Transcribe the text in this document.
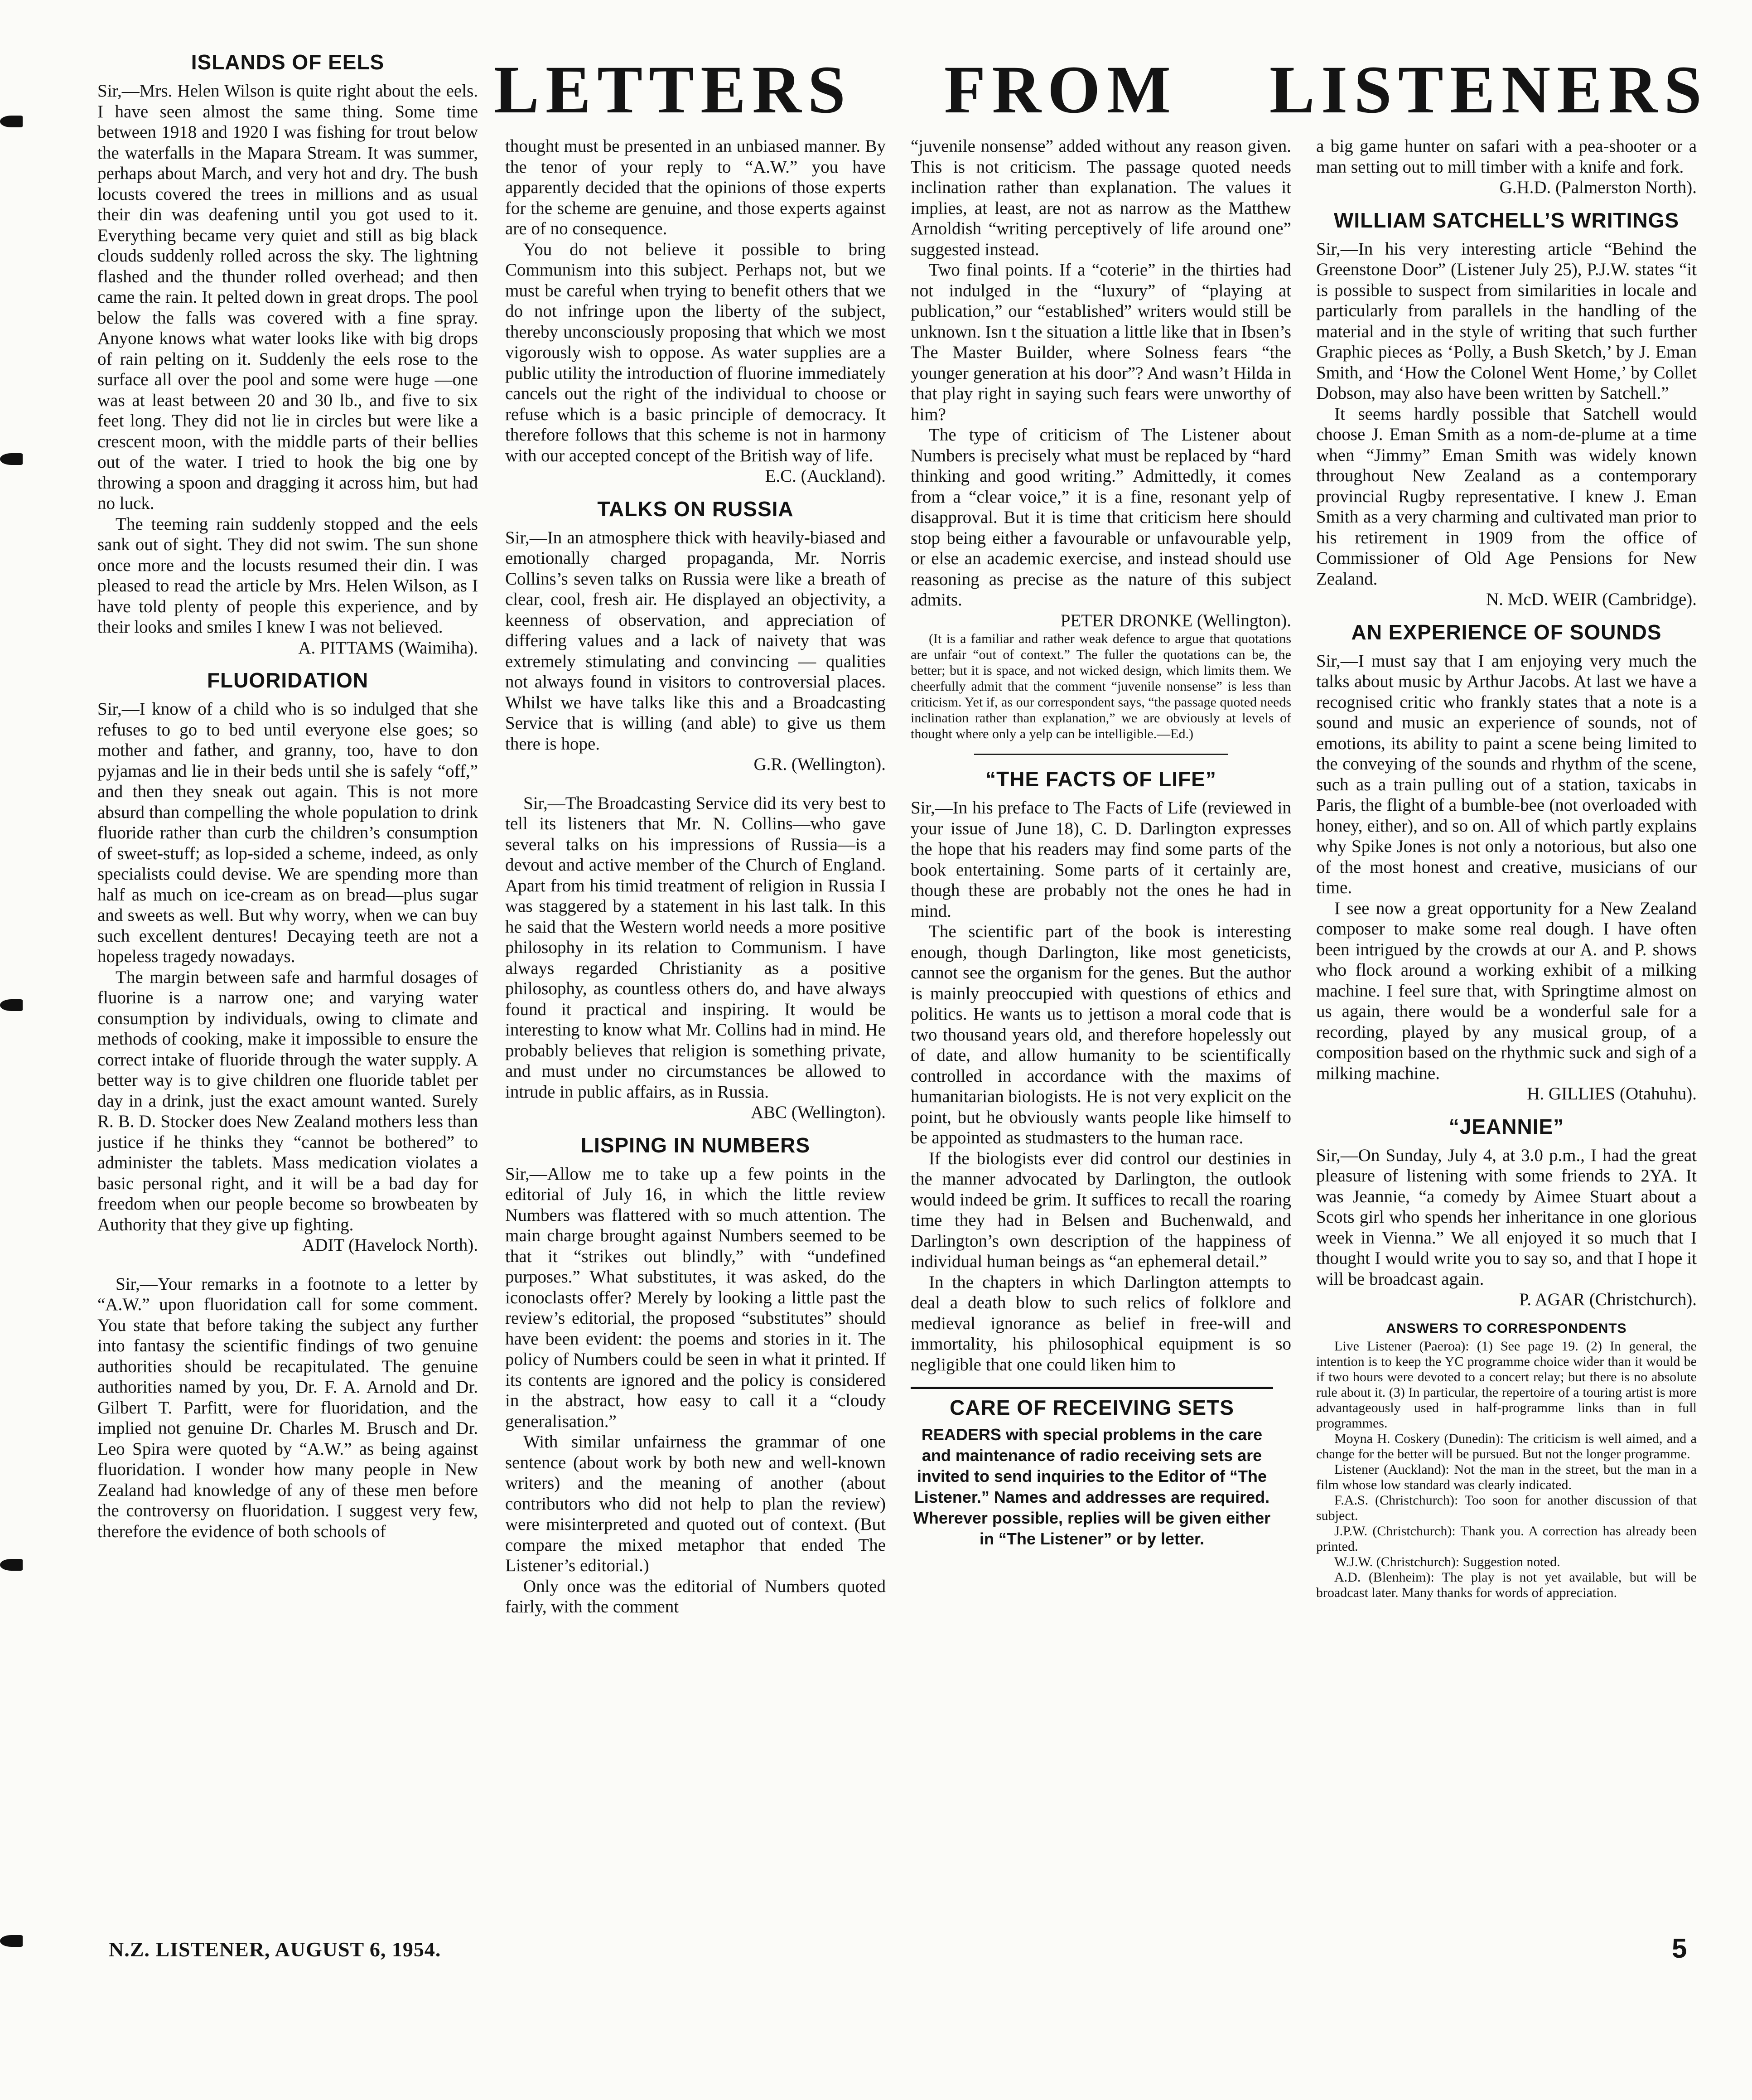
LETTERS FROM LISTENERS
ISLANDS OF EELS

Sir,—Mrs. Helen Wilson is quite right about the eels. I have seen almost the same thing. Some time between 1918 and 1920 I was fishing for trout below the waterfalls in the Mapara Stream. It was summer, perhaps about March, and very hot and dry. The bush locusts covered the trees in millions and as usual their din was deafening until you got used to it. Everything became very quiet and still as big black clouds suddenly rolled across the sky. The lightning flashed and the thunder rolled overhead; and then came the rain. It pelted down in great drops. The pool below the falls was covered with a fine spray. Anyone knows what water looks like with big drops of rain pelting on it. Suddenly the eels rose to the surface all over the pool and some were huge —one was at least between 20 and 30 lb., and five to six feet long. They did not lie in circles but were like a crescent moon, with the middle parts of their bellies out of the water. I tried to hook the big one by throwing a spoon and dragging it across him, but had no luck.

The teeming rain suddenly stopped and the eels sank out of sight. They did not swim. The sun shone once more and the locusts resumed their din. I was pleased to read the article by Mrs. Helen Wilson, as I have told plenty of people this experience, and by their looks and smiles I knew I was not believed.

A. PITTAMS (Waimiha).

FLUORIDATION

Sir,—I know of a child who is so indulged that she refuses to go to bed until everyone else goes; so mother and father, and granny, too, have to don pyjamas and lie in their beds until she is safely “off,” and then they sneak out again. This is not more absurd than compelling the whole population to drink fluoride rather than curb the children’s consumption of sweet-stuff; as lop-sided a scheme, indeed, as only specialists could devise. We are spending more than half as much on ice-cream as on bread—plus sugar and sweets as well. But why worry, when we can buy such excellent dentures! Decaying teeth are not a hopeless tragedy nowadays.

The margin between safe and harmful dosages of fluorine is a narrow one; and varying water consumption by individuals, owing to climate and methods of cooking, make it impossible to ensure the correct intake of fluoride through the water supply. A better way is to give children one fluoride tablet per day in a drink, just the exact amount wanted. Surely R. B. D. Stocker does New Zealand mothers less than justice if he thinks they “cannot be bothered” to administer the tablets. Mass medication violates a basic personal right, and it will be a bad day for freedom when our people become so browbeaten by Authority that they give up fighting.

ADIT (Havelock North).

Sir,—Your remarks in a footnote to a letter by “A.W.” upon fluoridation call for some comment. You state that before taking the subject any further into fantasy the scientific findings of two genuine authorities should be recapitulated. The genuine authorities named by you, Dr. F. A. Arnold and Dr. Gilbert T. Parfitt, were for fluoridation, and the implied not genuine Dr. Charles M. Brusch and Dr. Leo Spira were quoted by “A.W.” as being against fluoridation. I wonder how many people in New Zealand had knowledge of any of these men before the controversy on fluoridation. I suggest very few, therefore the evidence of both schools of

thought must be presented in an unbiased manner. By the tenor of your reply to “A.W.” you have apparently decided that the opinions of those experts for the scheme are genuine, and those experts against are of no consequence.

You do not believe it possible to bring Communism into this subject. Perhaps not, but we must be careful when trying to benefit others that we do not infringe upon the liberty of the subject, thereby unconsciously proposing that which we most vigorously wish to oppose. As water supplies are a public utility the introduction of fluorine immediately cancels out the right of the individual to choose or refuse which is a basic principle of democracy. It therefore follows that this scheme is not in harmony with our accepted concept of the British way of life.

E.C. (Auckland).

TALKS ON RUSSIA

Sir,—In an atmosphere thick with heavily-biased and emotionally charged propaganda, Mr. Norris Collins’s seven talks on Russia were like a breath of clear, cool, fresh air. He displayed an objectivity, a keenness of observation, and appreciation of differing values and a lack of naivety that was extremely stimulating and convincing — qualities not always found in visitors to controversial places. Whilst we have talks like this and a Broadcasting Service that is willing (and able) to give us them there is hope.

G.R. (Wellington).

Sir,—The Broadcasting Service did its very best to tell its listeners that Mr. N. Collins—who gave several talks on his impressions of Russia—is a devout and active member of the Church of England. Apart from his timid treatment of religion in Russia I was staggered by a statement in his last talk. In this he said that the Western world needs a more positive philosophy in its relation to Communism. I have always regarded Christianity as a positive philosophy, as countless others do, and have always found it practical and inspiring. It would be interesting to know what Mr. Collins had in mind. He probably believes that religion is something private, and must under no circumstances be allowed to intrude in public affairs, as in Russia.

ABC (Wellington).

LISPING IN NUMBERS

Sir,—Allow me to take up a few points in the editorial of July 16, in which the little review Numbers was flattered with so much attention. The main charge brought against Numbers seemed to be that it “strikes out blindly,” with “undefined purposes.” What substitutes, it was asked, do the iconoclasts offer? Merely by looking a little past the review’s editorial, the proposed “substitutes” should have been evident: the poems and stories in it. The policy of Numbers could be seen in what it printed. If its contents are ignored and the policy is considered in the abstract, how easy to call it a “cloudy generalisation.”

With similar unfairness the grammar of one sentence (about work by both new and well-known writers) and the meaning of another (about contributors who did not help to plan the review) were misinterpreted and quoted out of context. (But compare the mixed metaphor that ended The Listener’s editorial.)

Only once was the editorial of Numbers quoted fairly, with the comment

“juvenile nonsense” added without any reason given. This is not criticism. The passage quoted needs inclination rather than explanation. The values it implies, at least, are not as narrow as the Matthew Arnoldish “writing perceptively of life around one” suggested instead.

Two final points. If a “coterie” in the thirties had not indulged in the “luxury” of “playing at publication,” our “established” writers would still be unknown. Isn t the situation a little like that in Ibsen’s The Master Builder, where Solness fears “the younger generation at his door”? And wasn’t Hilda in that play right in saying such fears were unworthy of him?

The type of criticism of The Listener about Numbers is precisely what must be replaced by “hard thinking and good writing.” Admittedly, it comes from a “clear voice,” it is a fine, resonant yelp of disapproval. But it is time that criticism here should stop being either a favourable or unfavourable yelp, or else an academic exercise, and instead should use reasoning as precise as the nature of this subject admits.

PETER DRONKE (Wellington).

(It is a familiar and rather weak defence to argue that quotations are unfair “out of context.” The fuller the quotations can be, the better; but it is space, and not wicked design, which limits them. We cheerfully admit that the comment “juvenile nonsense” is less than criticism. Yet if, as our correspondent says, “the passage quoted needs inclination rather than explanation,” we are obviously at levels of thought where only a yelp can be intelligible.—Ed.)

“THE FACTS OF LIFE”

Sir,—In his preface to The Facts of Life (reviewed in your issue of June 18), C. D. Darlington expresses the hope that his readers may find some parts of the book entertaining. Some parts of it certainly are, though these are probably not the ones he had in mind.

The scientific part of the book is interesting enough, though Darlington, like most geneticists, cannot see the organism for the genes. But the author is mainly preoccupied with questions of ethics and politics. He wants us to jettison a moral code that is two thousand years old, and therefore hopelessly out of date, and allow humanity to be scientifically controlled in accordance with the maxims of humanitarian biologists. He is not very explicit on the point, but he obviously wants people like himself to be appointed as studmasters to the human race.

If the biologists ever did control our destinies in the manner advocated by Darlington, the outlook would indeed be grim. It suffices to recall the roaring time they had in Belsen and Buchenwald, and Darlington’s own description of the happiness of individual human beings as “an ephemeral detail.”

In the chapters in which Darlington attempts to deal a death blow to such relics of folklore and medieval ignorance as belief in free-will and immortality, his philosophical equipment is so negligible that one could liken him to

CARE OF RECEIVING SETS
READERS with special problems in the care and maintenance of radio receiving sets are invited to send inquiries to the Editor of “The Listener.” Names and addresses are required. Wherever possible, replies will be given either in “The Listener” or by letter.

a big game hunter on safari with a pea-shooter or a man setting out to mill timber with a knife and fork.

G.H.D. (Palmerston North).

WILLIAM SATCHELL’S WRITINGS

Sir,—In his very interesting article “Behind the Greenstone Door” (Listener July 25), P.J.W. states “it is possible to suspect from similarities in locale and particularly from parallels in the handling of the material and in the style of writing that such further Graphic pieces as ‘Polly, a Bush Sketch,’ by J. Eman Smith, and ‘How the Colonel Went Home,’ by Collet Dobson, may also have been written by Satchell.”

It seems hardly possible that Satchell would choose J. Eman Smith as a nom-de-plume at a time when “Jimmy” Eman Smith was widely known throughout New Zealand as a contemporary provincial Rugby representative. I knew J. Eman Smith as a very charming and cultivated man prior to his retirement in 1909 from the office of Commissioner of Old Age Pensions for New Zealand.

N. McD. WEIR (Cambridge).

AN EXPERIENCE OF SOUNDS

Sir,—I must say that I am enjoying very much the talks about music by Arthur Jacobs. At last we have a recognised critic who frankly states that a note is a sound and music an experience of sounds, not of emotions, its ability to paint a scene being limited to the conveying of the sounds and rhythm of the scene, such as a train pulling out of a station, taxicabs in Paris, the flight of a bumble-bee (not overloaded with honey, either), and so on. All of which partly explains why Spike Jones is not only a notorious, but also one of the most honest and creative, musicians of our time.

I see now a great opportunity for a New Zealand composer to make some real dough. I have often been intrigued by the crowds at our A. and P. shows who flock around a working exhibit of a milking machine. I feel sure that, with Springtime almost on us again, there would be a wonderful sale for a recording, played by any musical group, of a composition based on the rhythmic suck and sigh of a milking machine.

H. GILLIES (Otahuhu).

“JEANNIE”

Sir,—On Sunday, July 4, at 3.0 p.m., I had the great pleasure of listening with some friends to 2YA. It was Jeannie, “a comedy by Aimee Stuart about a Scots girl who spends her inheritance in one glorious week in Vienna.” We all enjoyed it so much that I thought I would write you to say so, and that I hope it will be broadcast again.

P. AGAR (Christchurch).

ANSWERS TO CORRESPONDENTS

Live Listener (Paeroa): (1) See page 19. (2) In general, the intention is to keep the YC programme choice wider than it would be if two hours were devoted to a concert relay; but there is no absolute rule about it. (3) In particular, the repertoire of a touring artist is more advantageously used in half-programme links than in full programmes.

Moyna H. Coskery (Dunedin): The criticism is well aimed, and a change for the better will be pursued. But not the longer programme.

Listener (Auckland): Not the man in the street, but the man in a film whose low standard was clearly indicated.

F.A.S. (Christchurch): Too soon for another discussion of that subject.

J.P.W. (Christchurch): Thank you. A correction has already been printed.

W.J.W. (Christchurch): Suggestion noted.

A.D. (Blenheim): The play is not yet available, but will be broadcast later. Many thanks for words of appreciation.

N.Z. LISTENER, AUGUST 6, 1954.	5
